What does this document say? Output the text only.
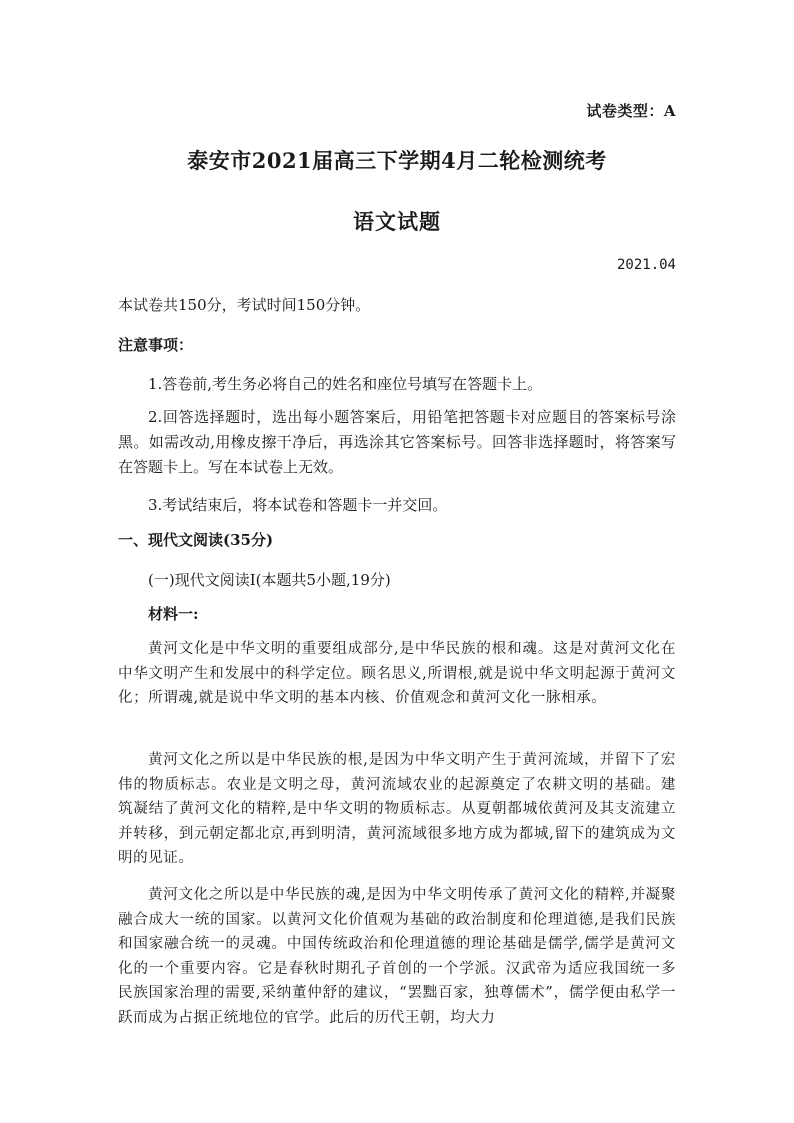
试卷类型：A
泰安市2021届高三下学期4月二轮检测统考
语文试题
2021.04
本试卷共150分，考试时间150分钟。
注意事项：
1.答卷前,考生务必将自己的姓名和座位号填写在答题卡上。
2.回答选择题时，选出每小题答案后，用铅笔把答题卡对应题目的答案标号涂黑。如需改动,用橡皮擦干净后，再选涂其它答案标号。回答非选择题时，将答案写在答题卡上。写在本试卷上无效。
3.考试结束后，将本试卷和答题卡一并交回。
一、现代文阅读(35分)
(一)现代文阅读Ⅰ(本题共5小题,19分)
材料一:
黄河文化是中华文明的重要组成部分,是中华民族的根和魂。这是对黄河文化在中华文明产生和发展中的科学定位。顾名思义,所谓根,就是说中华文明起源于黄河文化；所谓魂,就是说中华文明的基本内核、价值观念和黄河文化一脉相承。
黄河文化之所以是中华民族的根,是因为中华文明产生于黄河流域，并留下了宏伟的物质标志。农业是文明之母，黄河流域农业的起源奠定了农耕文明的基础。建筑凝结了黄河文化的精粹,是中华文明的物质标志。从夏朝都城依黄河及其支流建立并转移，到元朝定都北京,再到明清，黄河流域很多地方成为都城,留下的建筑成为文明的见证。
黄河文化之所以是中华民族的魂,是因为中华文明传承了黄河文化的精粹,并凝聚融合成大一统的国家。以黄河文化价值观为基础的政治制度和伦理道德,是我们民族和国家融合统一的灵魂。中国传统政治和伦理道德的理论基础是儒学,儒学是黄河文化的一个重要内容。它是春秋时期孔子首创的一个学派。汉武帝为适应我国统一多民族国家治理的需要,采纳董仲舒的建议，“罢黜百家，独尊儒术”，儒学便由私学一跃而成为占据正统地位的官学。此后的历代王朝，均大力
